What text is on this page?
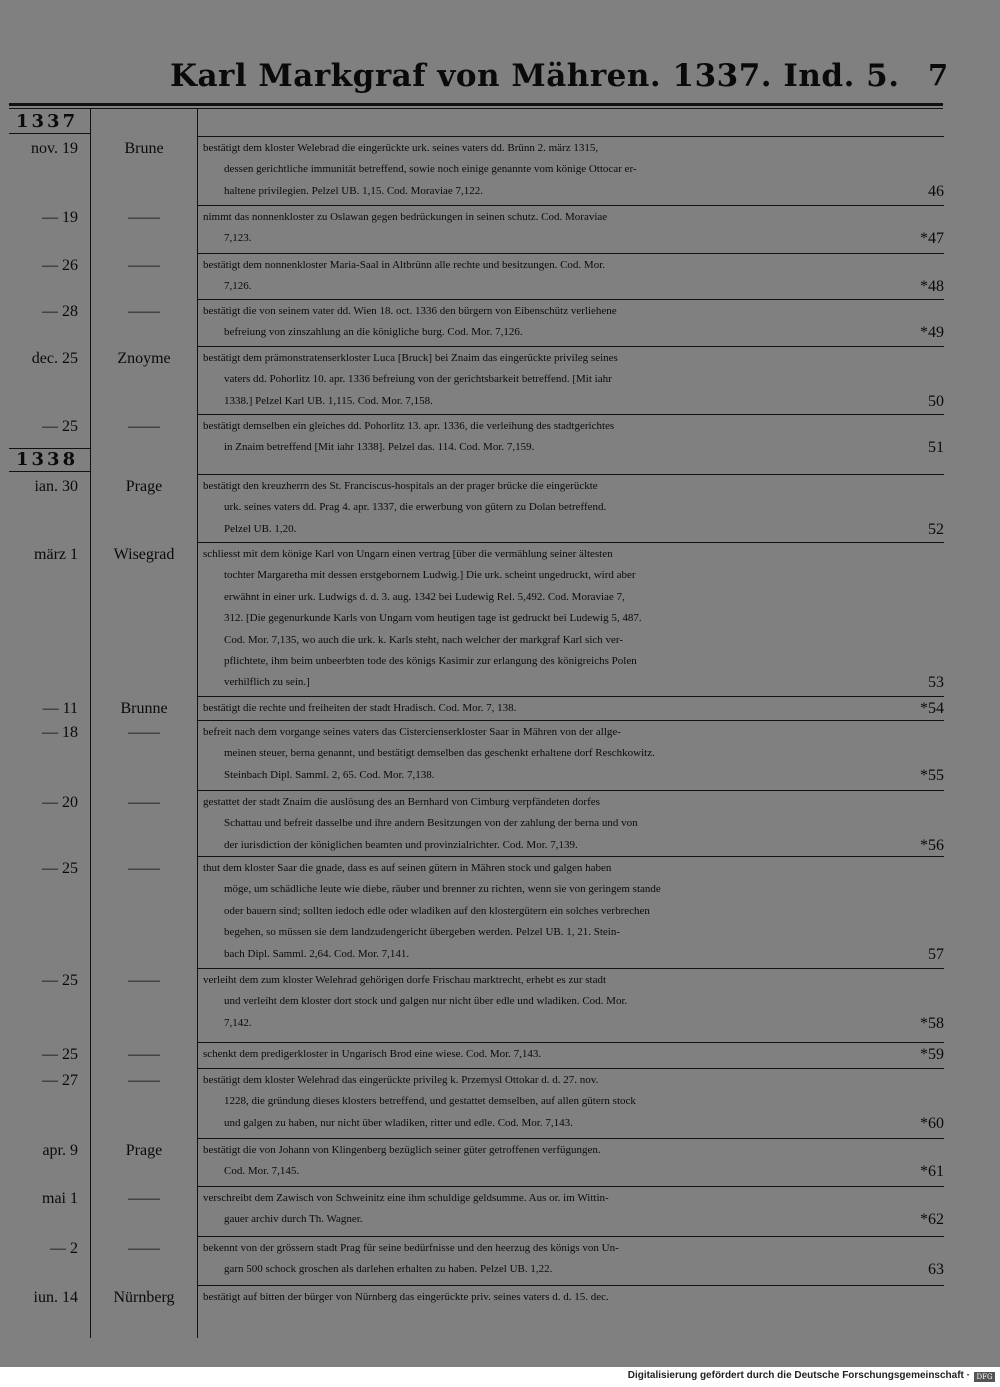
Karl Markgraf von Mähren. 1337. Ind. 5. 7
1337
1338
nov. 19	Brune	bestätigt dem kloster Welebrad die eingerückte urk. seines vaters dd. Brünn 2. märz 1315,

dessen gerichtliche immunität betreffend, sowie noch einige genannte vom könige Ottocar er-

haltene privilegien. Pelzel UB. 1,15. Cod. Moraviae 7,122.	46
— 19	——	nimmt das nonnenkloster zu Oslawan gegen bedrückungen in seinen schutz. Cod. Moraviae

7,123.	*47
— 26	——	bestätigt dem nonnenkloster Maria-Saal in Altbrünn alle rechte und besitzungen. Cod. Mor.

7,126.	*48
— 28	——	bestätigt die von seinem vater dd. Wien 18. oct. 1336 den bürgern von Eibenschütz verliehene

befreiung von zinszahlung an die königliche burg. Cod. Mor. 7,126.	*49
dec. 25	Znoyme	bestätigt dem prämonstratenserkloster Luca [Bruck] bei Znaim das eingerückte privileg seines

vaters dd. Pohorlitz 10. apr. 1336 befreiung von der gerichtsbarkeit betreffend. [Mit iahr

1338.] Pelzel Karl UB. 1,115. Cod. Mor. 7,158.	50
— 25	——	bestätigt demselben ein gleiches dd. Pohorlitz 13. apr. 1336, die verleihung des stadtgerichtes

in Znaim betreffend [Mit iahr 1338]. Pelzel das. 114. Cod. Mor. 7,159.	51
ian. 30	Prage	bestätigt den kreuzherrn des St. Franciscus-hospitals an der prager brücke die eingerückte

urk. seines vaters dd. Prag 4. apr. 1337, die erwerbung von gütern zu Dolan betreffend.

Pelzel UB. 1,20.	52
märz 1	Wisegrad	schliesst mit dem könige Karl von Ungarn einen vertrag [über die vermählung seiner ältesten

tochter Margaretha mit dessen erstgebornem Ludwig.] Die urk. scheint ungedruckt, wird aber

erwähnt in einer urk. Ludwigs d. d. 3. aug. 1342 bei Ludewig Rel. 5,492. Cod. Moraviae 7,

312. [Die gegenurkunde Karls von Ungarn vom heutigen tage ist gedruckt bei Ludewig 5, 487.

Cod. Mor. 7,135, wo auch die urk. k. Karls steht, nach welcher der markgraf Karl sich ver-

pflichtete, ihm beim unbeerbten tode des königs Kasimir zur erlangung des königreichs Polen

verhilflich zu sein.]	53
— 11	Brunne	bestätigt die rechte und freiheiten der stadt Hradisch. Cod. Mor. 7, 138.	*54
— 18	——	befreit nach dem vorgange seines vaters das Cistercienserkloster Saar in Mähren von der allge-

meinen steuer, berna genannt, und bestätigt demselben das geschenkt erhaltene dorf Reschkowitz.

Steinbach Dipl. Samml. 2, 65. Cod. Mor. 7,138.	*55
— 20	——	gestattet der stadt Znaim die auslösung des an Bernhard von Cimburg verpfändeten dorfes

Schattau und befreit dasselbe und ihre andern Besitzungen von der zahlung der berna und von

der iurisdiction der königlichen beamten und provinzialrichter. Cod. Mor. 7,139.	*56
— 25	——	thut dem kloster Saar die gnade, dass es auf seinen gütern in Mähren stock und galgen haben

möge, um schädliche leute wie diebe, räuber und brenner zu richten, wenn sie von geringem stande

oder bauern sind; sollten iedoch edle oder wladiken auf den klostergütern ein solches verbrechen

begehen, so müssen sie dem landzudengericht übergeben werden. Pelzel UB. 1, 21. Stein-

bach Dipl. Samml. 2,64. Cod. Mor. 7,141.	57
— 25	——	verleiht dem zum kloster Welehrad gehörigen dorfe Frischau marktrecht, erhebt es zur stadt

und verleiht dem kloster dort stock und galgen nur nicht über edle und wladiken. Cod. Mor.

7,142.	*58
— 25	——	schenkt dem predigerkloster in Ungarisch Brod eine wiese. Cod. Mor. 7,143.	*59
— 27	——	bestätigt dem kloster Welehrad das eingerückte privileg k. Przemysl Ottokar d. d. 27. nov.

1228, die gründung dieses klosters betreffend, und gestattet demselben, auf allen gütern stock

und galgen zu haben, nur nicht über wladiken, ritter und edle. Cod. Mor. 7,143.	*60
apr. 9	Prage	bestätigt die von Johann von Klingenberg bezüglich seiner güter getroffenen verfügungen.

Cod. Mor. 7,145.	*61
mai 1	——	verschreibt dem Zawisch von Schweinitz eine ihm schuldige geldsumme. Aus or. im Wittin-

gauer archiv durch Th. Wagner.	*62
— 2	——	bekennt von der grössern stadt Prag für seine bedürfnisse und den heerzug des königs von Un-

garn 500 schock groschen als darlehen erhalten zu haben. Pelzel UB. 1,22.	63
iun. 14	Nürnberg	bestätigt auf bitten der bürger von Nürnberg das eingerückte priv. seines vaters d. d. 15. dec.

Digitalisierung gefördert durch die Deutsche Forschungsgemeinschaft · DFG
